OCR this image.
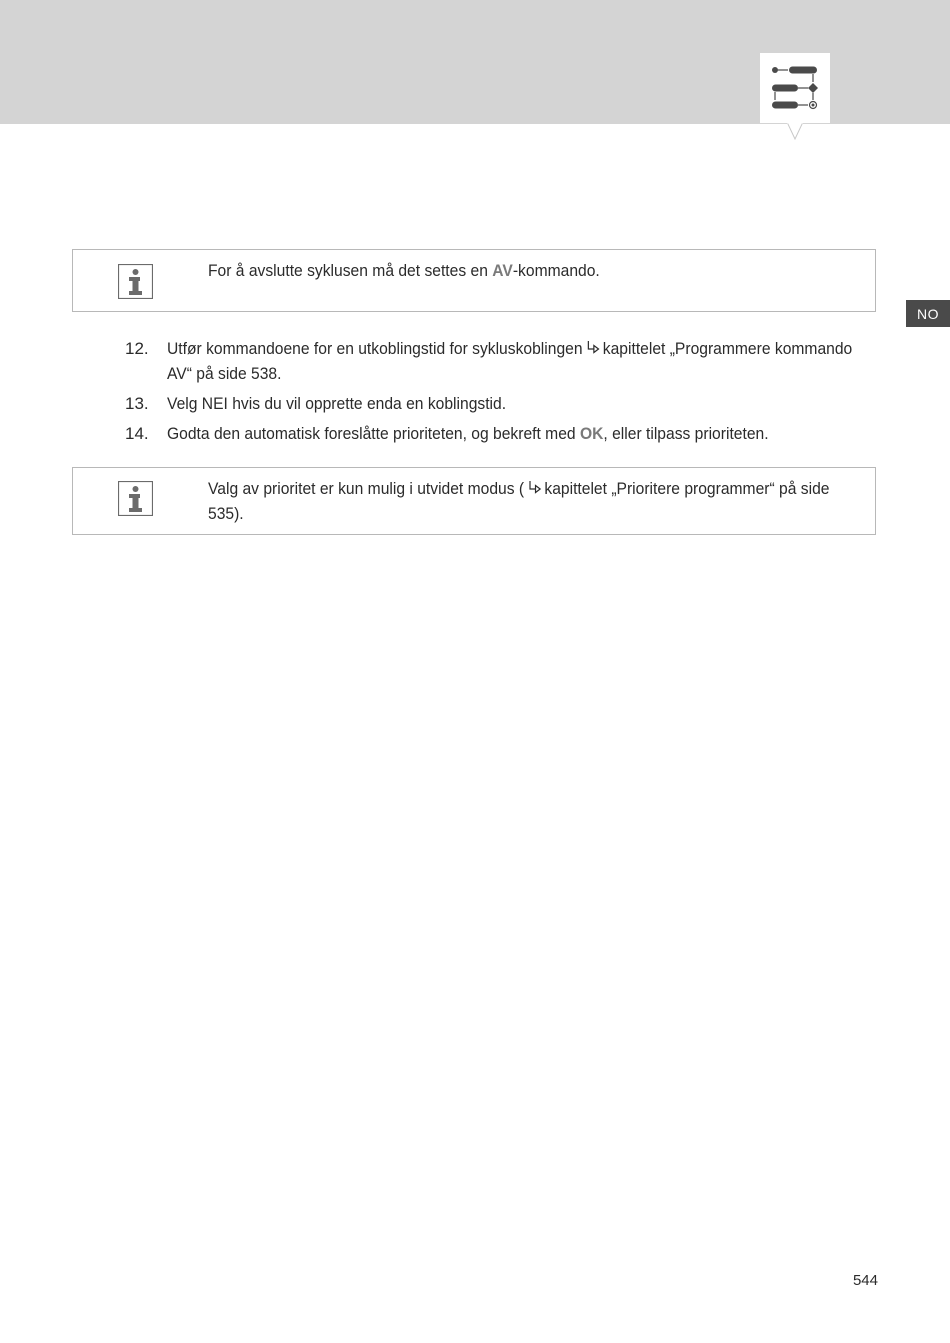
NO
For å avslutte syklusen må det settes en AV-kommando.
12. Utfør kommandoene for en utkoblingstid for sykluskoblingen kapittelet „Programmere kommando AV“ på side 538.
13. Velg NEI hvis du vil opprette enda en koblingstid.
14. Godta den automatisk foreslåtte prioriteten, og bekreft med OK, eller tilpass prioriteten.
Valg av prioritet er kun mulig i utvidet modus ( kapittelet „Prioritere programmer“ på side 535).
544
